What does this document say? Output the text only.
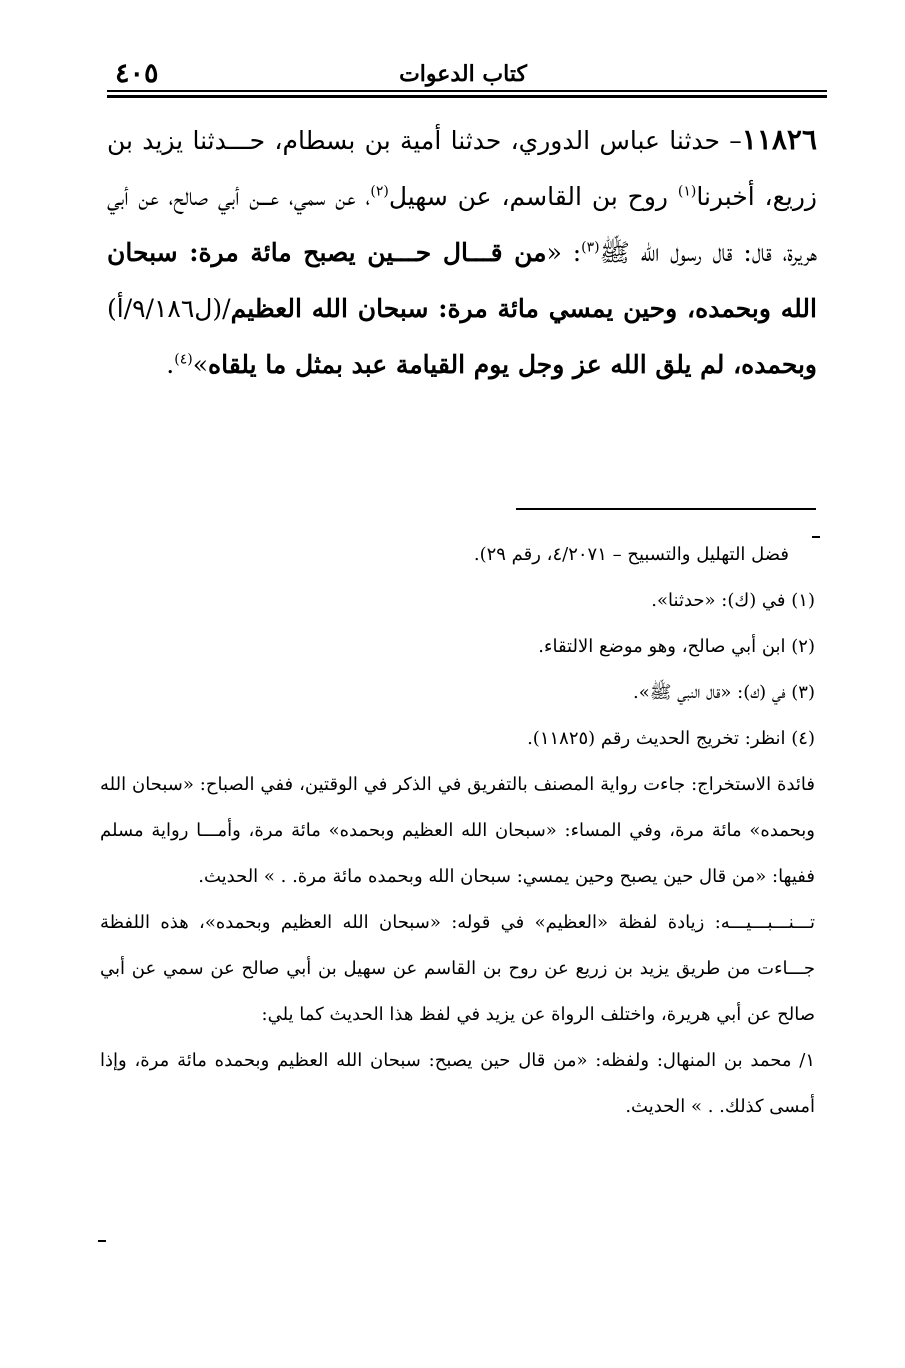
٤٠٥	كتاب الدعوات
١١٨٢٦– حدثنا عباس الدوري، حدثنا أمية بن بسطام، حـــدثنا يزيد بن زريع، أخبرنا$^{(١)}$ روح بن القاسم، عن سهيل$^{(٢)}$، عن سمي، عـــن أبي صالح، عن أبي هريرة، قال: قال رسول الله ﷺ$^{(٣)}$: «من قـــال حـــين يصبح مائة مرة: سبحان الله وبحمده، وحين يمسي مائة مرة: سبحان الله العظيم/(ل٩/١٨٦/أ) وبحمده، لم يلق الله عز وجل يوم القيامة عبد بمثل ما يلقاه»$^{(٤)}$.
فضل التهليل والتسبيح – ٤/٢٠٧١، رقم ٢٩).
(١) في (ك): «حدثنا».
(٢) ابن أبي صالح، وهو موضع الالتقاء.
(٣) في (ك): «قال النبي ﷺ».
(٤) انظر: تخريج الحديث رقم (١١٨٢٥).
فائدة الاستخراج: جاءت رواية المصنف بالتفريق في الذكر في الوقتين، ففي الصباح: «سبحان الله وبحمده» مائة مرة، وفي المساء: «سبحان الله العظيم وبحمده» مائة مرة، وأمـــا رواية مسلم ففيها: «من قال حين يصبح وحين يمسي: سبحان الله وبحمده مائة مرة. . » الحديث.
تـــنـــبـــيـــه: زيادة لفظة «العظيم» في قوله: «سبحان الله العظيم وبحمده»، هذه اللفظة جـــاءت من طريق يزيد بن زريع عن روح بن القاسم عن سهيل بن أبي صالح عن سمي عن أبي صالح عن أبي هريرة، واختلف الرواة عن يزيد في لفظ هذا الحديث كما يلي:
١/ محمد بن المنهال: ولفظه: «من قال حين يصبح: سبحان الله العظيم وبحمده مائة مرة، وإذا أمسى كذلك. . » الحديث.
